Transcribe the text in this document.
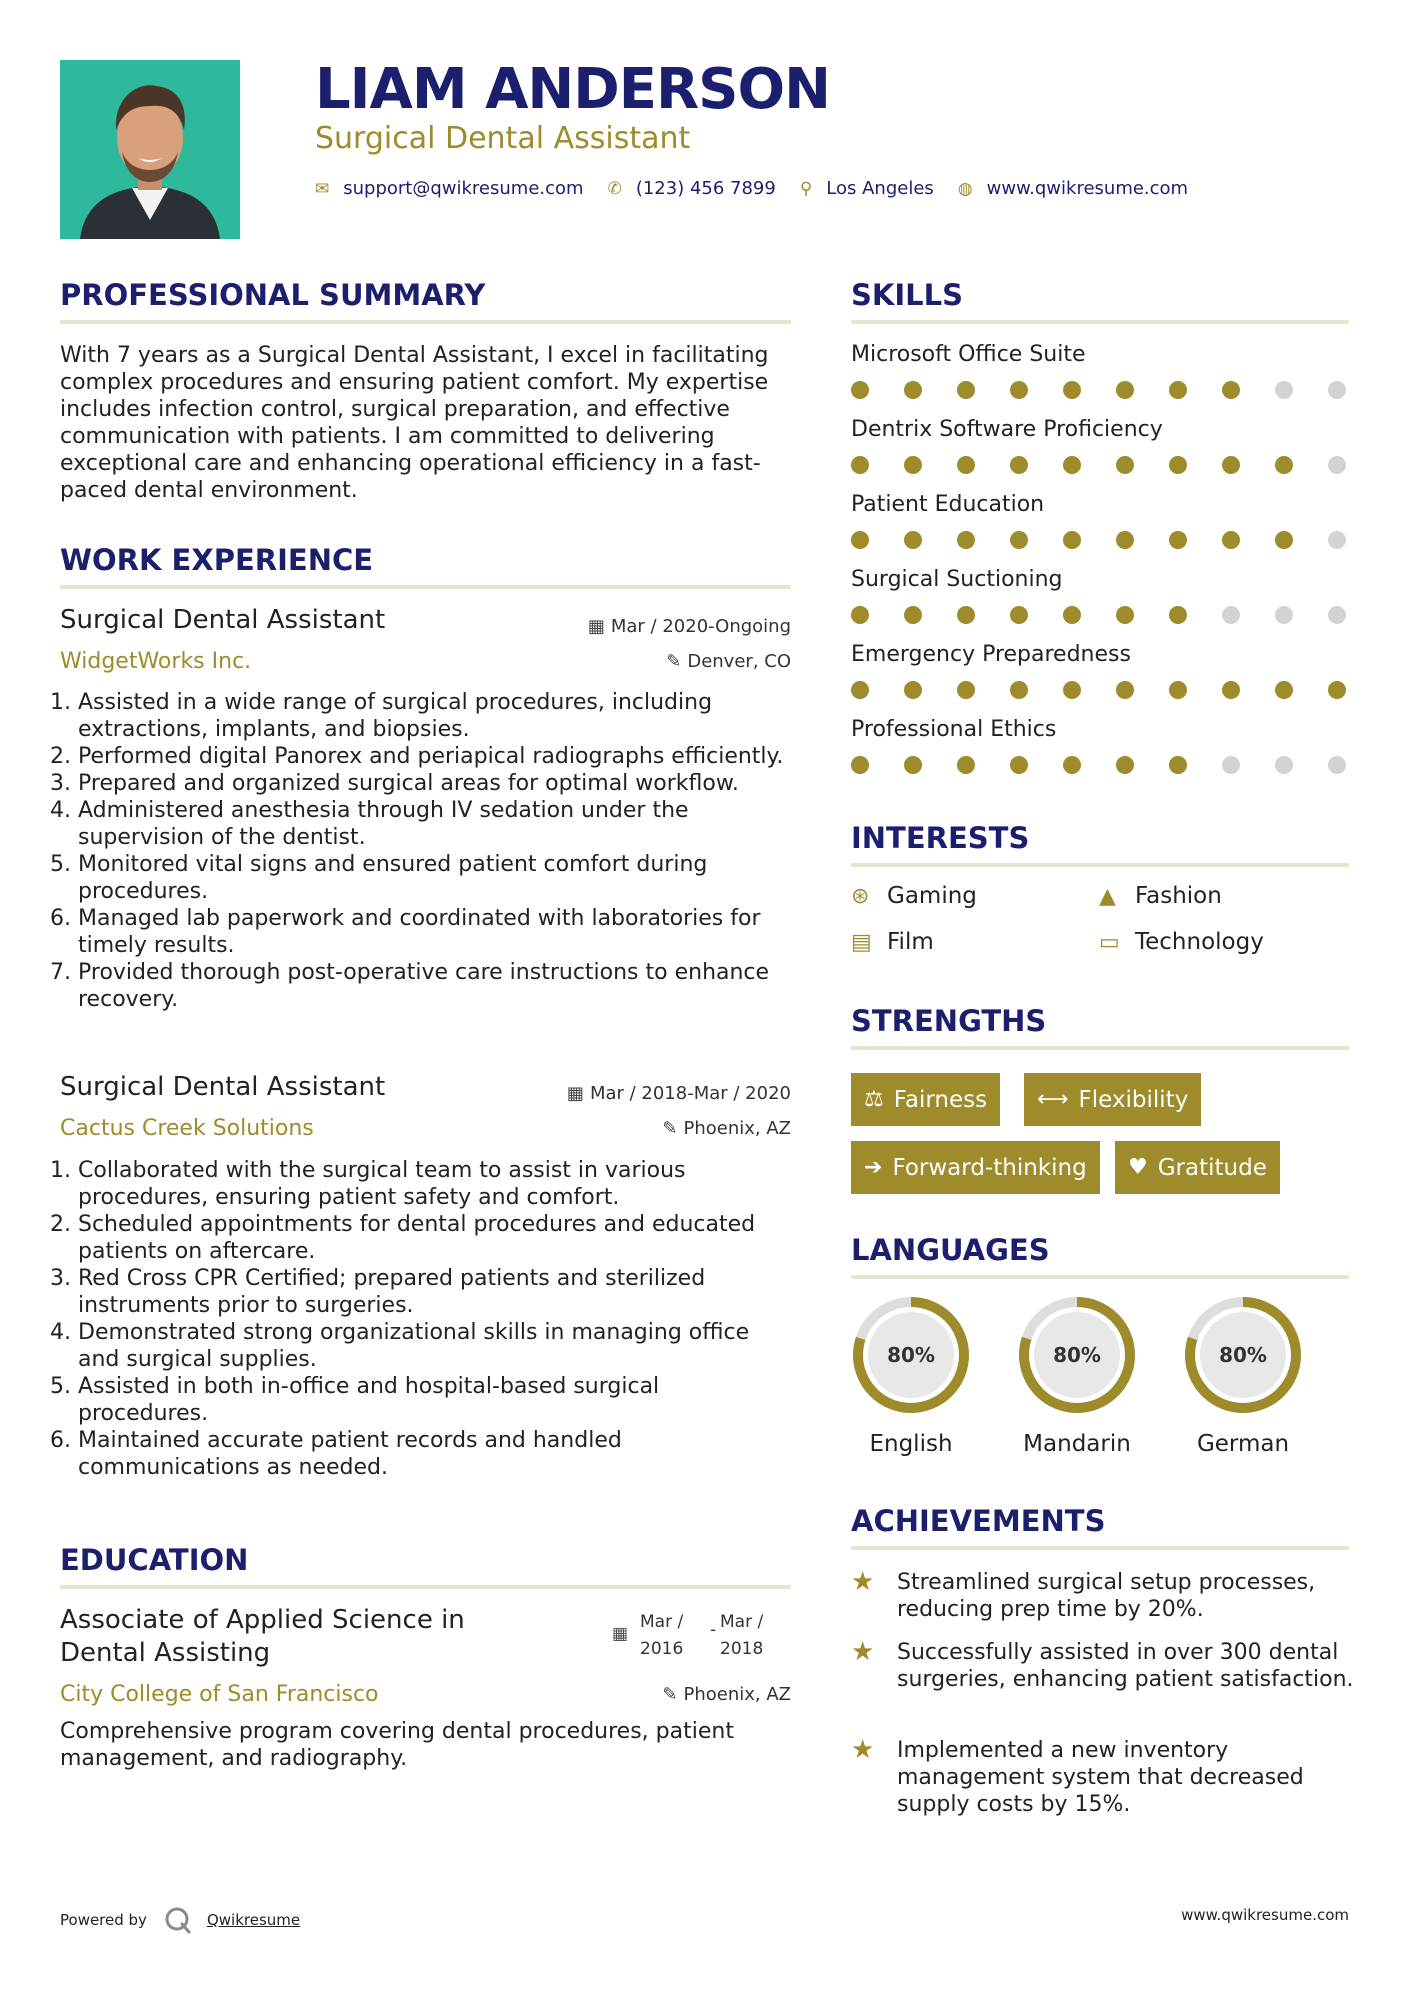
LIAM ANDERSON
Surgical Dental Assistant
✉ support@qwikresume.com ✆ (123) 456 7899 ⚲ Los Angeles ◍ www.qwikresume.com
PROFESSIONAL SUMMARY
With 7 years as a Surgical Dental Assistant, I excel in facilitating complex procedures and ensuring patient comfort. My expertise includes infection control, surgical preparation, and effective communication with patients. I am committed to delivering exceptional care and enhancing operational efficiency in a fast-paced dental environment.
WORK EXPERIENCE
Surgical Dental Assistant	▦ Mar / 2020-Ongoing
WidgetWorks Inc.	✎ Denver, CO
1. Assisted in a wide range of surgical procedures, including extractions, implants, and biopsies.
2. Performed digital Panorex and periapical radiographs efficiently.
3. Prepared and organized surgical areas for optimal workflow.
4. Administered anesthesia through IV sedation under the supervision of the dentist.
5. Monitored vital signs and ensured patient comfort during procedures.
6. Managed lab paperwork and coordinated with laboratories for timely results.
7. Provided thorough post-operative care instructions to enhance recovery.
Surgical Dental Assistant	▦ Mar / 2018-Mar / 2020
Cactus Creek Solutions	✎ Phoenix, AZ
1. Collaborated with the surgical team to assist in various procedures, ensuring patient safety and comfort.
2. Scheduled appointments for dental procedures and educated patients on aftercare.
3. Red Cross CPR Certified; prepared patients and sterilized instruments prior to surgeries.
4. Demonstrated strong organizational skills in managing office and surgical supplies.
5. Assisted in both in-office and hospital-based surgical procedures.
6. Maintained accurate patient records and handled communications as needed.
EDUCATION
Associate of Applied Science in Dental Assisting
▦
Mar /
2016
- Mar /
2018
City College of San Francisco	✎ Phoenix, AZ
Comprehensive program covering dental procedures, patient management, and radiography.
SKILLS
Microsoft Office Suite
Dentrix Software Proficiency
Patient Education
Surgical Suctioning
Emergency Preparedness
Professional Ethics
INTERESTS
⊛ Gaming	▲ Fashion
▤ Film	▭ Technology
STRENGTHS
⚖ Fairness ⟷ Flexibility
➔ Forward-thinking ♥ Gratitude
LANGUAGES
80%
English
80%
Mandarin
80%
German
ACHIEVEMENTS
★	Streamlined surgical setup processes, reducing prep time by 20%.
★	Successfully assisted in over 300 dental surgeries, enhancing patient satisfaction.
★	Implemented a new inventory management system that decreased supply costs by 15%.
Powered by	Qwikresume	www.qwikresume.com
